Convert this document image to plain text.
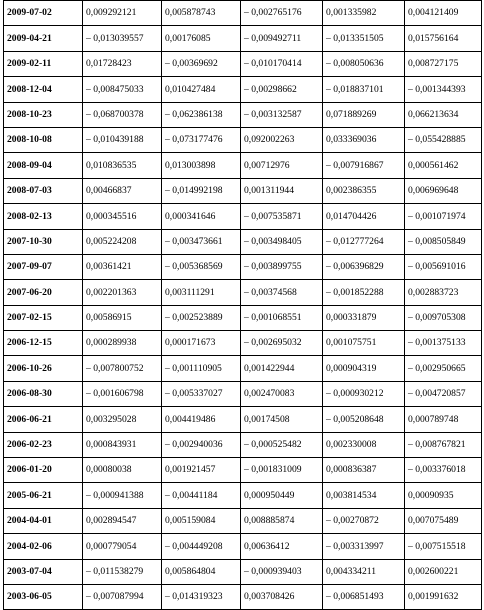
2009-07-02	0,009292121	0,005878743	– 0,002765176	0,001335982	0,004121409
2009-04-21	– 0,013039557	0,00176085	– 0,009492711	– 0,013351505	0,015756164
2009-02-11	0,01728423	– 0,00369692	– 0,010170414	– 0,008050636	0,008727175
2008-12-04	– 0,008475033	0,010427484	– 0,00298662	– 0,018837101	– 0,001344393
2008-10-23	– 0,068700378	– 0,062386138	– 0,003132587	0,071889269	0,066213634
2008-10-08	– 0,010439188	– 0,073177476	0,092002263	0,033369036	– 0,055428885
2008-09-04	0,010836535	0,013003898	0,00712976	– 0,007916867	0,000561462
2008-07-03	0,00466837	– 0,014992198	0,001311944	0,002386355	0,006969648
2008-02-13	0,000345516	0,000341646	– 0,007535871	0,014704426	– 0,001071974
2007-10-30	0,005224208	– 0,003473661	– 0,003498405	– 0,012777264	– 0,008505849
2007-09-07	0,00361421	– 0,005368569	– 0,003899755	– 0,006396829	– 0,005691016
2007-06-20	0,002201363	0,003111291	– 0,00374568	– 0,001852288	0,002883723
2007-02-15	0,00586915	– 0,002523889	– 0,001068551	0,000331879	– 0,009705308
2006-12-15	0,000289938	0,000171673	– 0,002695032	0,001075751	– 0,001375133
2006-10-26	– 0,007800752	– 0,001110905	0,001422944	0,000904319	– 0,002950665
2006-08-30	– 0,001606798	– 0,005337027	0,002470083	– 0,000930212	– 0,004720857
2006-06-21	0,003295028	0,004419486	0,00174508	– 0,005208648	0,000789748
2006-02-23	0,000843931	– 0,002940036	– 0,000525482	0,002330008	– 0,008767821
2006-01-20	0,00080038	0,001921457	– 0,001831009	0,000836387	– 0,003376018
2005-06-21	– 0,000941388	– 0,00441184	0,000950449	0,003814534	0,00090935
2004-04-01	0,002894547	0,005159084	0,008885874	– 0,00270872	0,007075489
2004-02-06	0,000779054	– 0,004449208	0,00636412	– 0,003313997	– 0,007515518
2003-07-04	– 0,011538279	0,005864804	– 0,000939403	0,004334211	0,002600221
2003-06-05	– 0,007087994	– 0,014319323	0,003708426	– 0,006851493	0,001991632
